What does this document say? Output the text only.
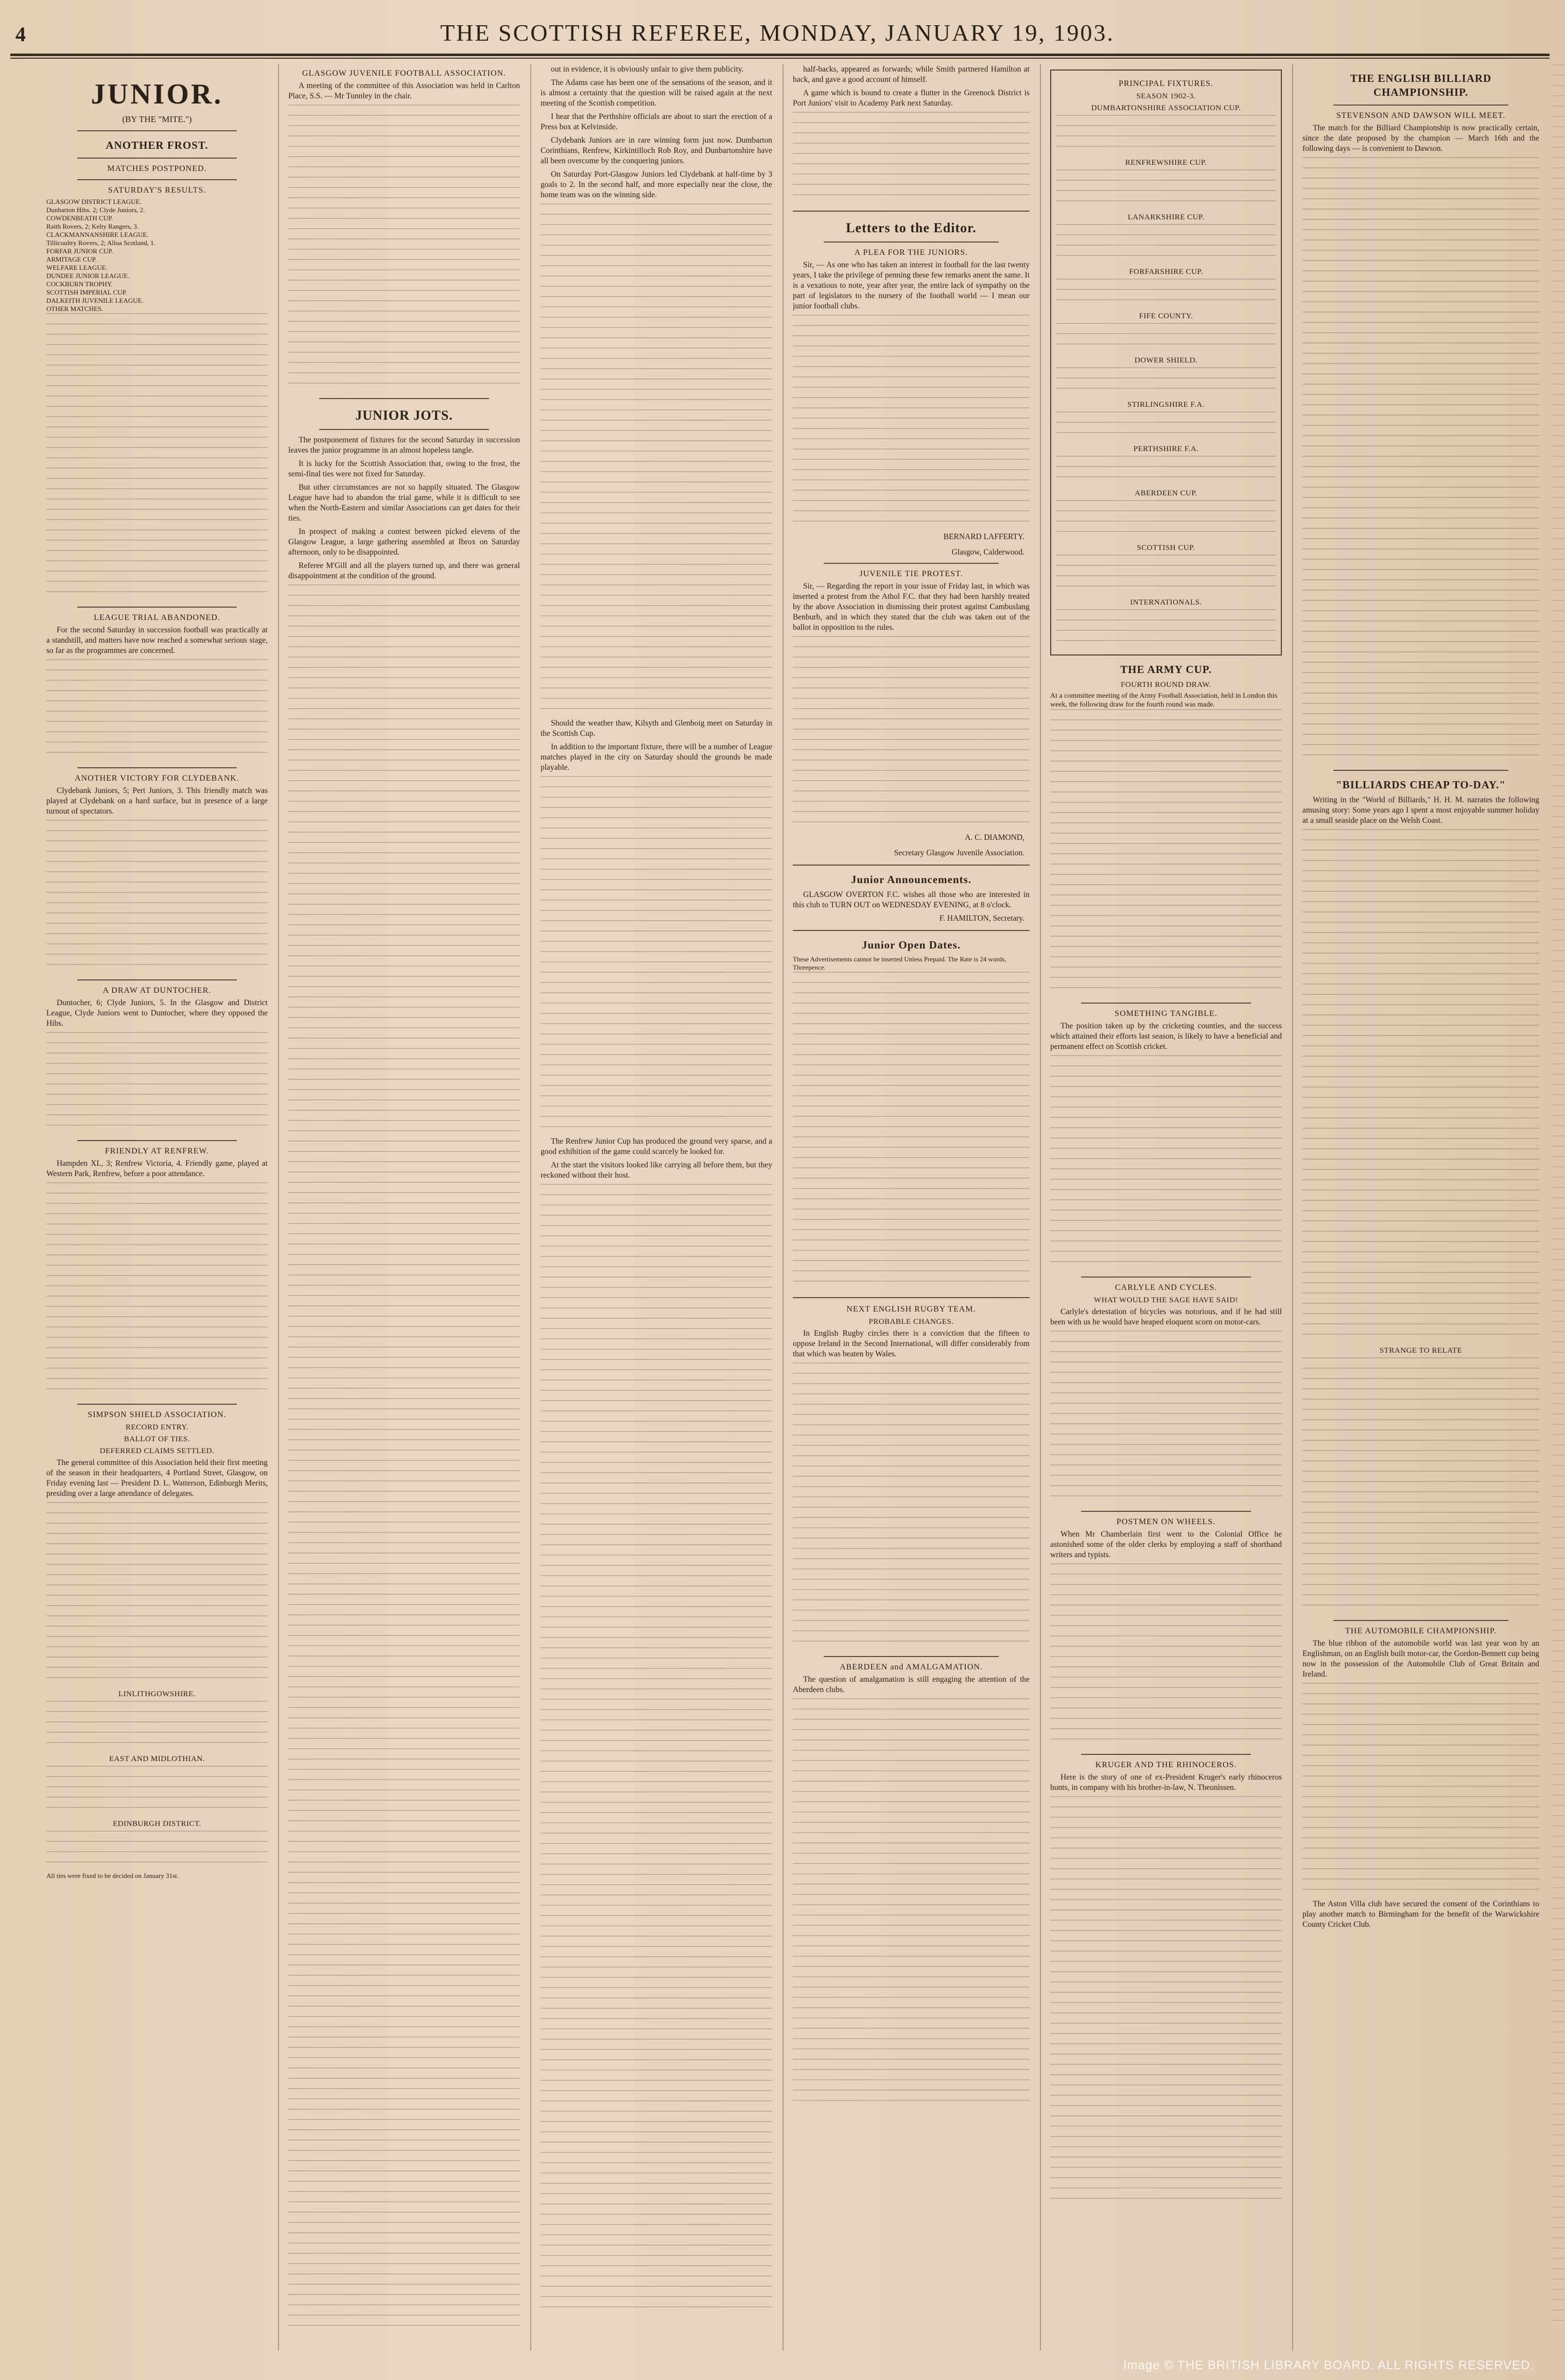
4	THE SCOTTISH REFEREE, MONDAY, JANUARY 19, 1903.

JUNIOR.

(BY THE "MITE.")

ANOTHER FROST.

MATCHES POSTPONED.

SATURDAY'S RESULTS.

GLASGOW DISTRICT LEAGUE.

Dunbarton Hibs. 2; Clyde Juniors, 2.

COWDENBEATH CUP.

Raith Rovers, 2; Kelty Rangers, 3.

CLACKMANNANSHIRE LEAGUE.

Tillicoultry Rovers, 2; Alloa Scotland, 1.

FORFAR JUNIOR CUP.

ARMITAGE CUP.

WELFARE LEAGUE.

DUNDEE JUNIOR LEAGUE.

COCKBURN TROPHY.

SCOTTISH IMPERIAL CUP.

DALKEITH JUVENILE LEAGUE.

OTHER MATCHES.

LEAGUE TRIAL ABANDONED.

For the second Saturday in succession football was practically at a standstill, and matters have now reached a somewhat serious stage, so far as the programmes are concerned.

ANOTHER VICTORY FOR CLYDEBANK.

Clydebank Juniors, 5; Pert Juniors, 3. This friendly match was played at Clydebank on a hard surface, but in presence of a large turnout of spectators.

A DRAW AT DUNTOCHER.

Duntocher, 6; Clyde Juniors, 5. In the Glasgow and District League, Clyde Juniors went to Duntocher, where they opposed the Hibs.

FRIENDLY AT RENFREW.

Hampden XI., 3; Renfrew Victoria, 4. Friendly game, played at Western Park, Renfrew, before a poor attendance.

SIMPSON SHIELD ASSOCIATION.

RECORD ENTRY.

BALLOT OF TIES.

DEFERRED CLAIMS SETTLED.

The general committee of this Association held their first meeting of the season in their headquarters, 4 Portland Street, Glasgow, on Friday evening last — President D. L. Watterson, Edinburgh Merits, presiding over a large attendance of delegates.

LINLITHGOWSHIRE.

EAST AND MIDLOTHIAN.

EDINBURGH DISTRICT.

All ties were fixed to be decided on January 31st.

GLASGOW JUVENILE FOOTBALL ASSOCIATION.

A meeting of the committee of this Association was held in Carlton Place, S.S. — Mr Tunnley in the chair.

JUNIOR JOTS.

The postponement of fixtures for the second Saturday in succession leaves the junior programme in an almost hopeless tangle.

It is lucky for the Scottish Association that, owing to the frost, the semi-final ties were not fixed for Saturday.

But other circumstances are not so happily situated. The Glasgow League have had to abandon the trial game, while it is difficult to see when the North-Eastern and similar Associations can get dates for their ties.

In prospect of making a contest between picked elevens of the Glasgow League, a large gathering assembled at Ibrox on Saturday afternoon, only to be disappointed.

Referee M'Gill and all the players turned up, and there was general disappointment at the condition of the ground.

out in evidence, it is obviously unfair to give them publicity.

The Adams case has been one of the sensations of the season, and it is almost a certainty that the question will be raised again at the next meeting of the Scottish competition.

I hear that the Perthshire officials are about to start the erection of a Press box at Kelvinside.

Clydebank Juniors are in rare winning form just now. Dumbarton Corinthians, Renfrew, Kirkintilloch Rob Roy, and Dunbartonshire have all been overcome by the conquering juniors.

On Saturday Port-Glasgow Juniors led Clydebank at half-time by 3 goals to 2. In the second half, and more especially near the close, the home team was on the winning side.

Should the weather thaw, Kilsyth and Glenboig meet on Saturday in the Scottish Cup.

In addition to the important fixture, there will be a number of League matches played in the city on Saturday should the grounds be made playable.

The Renfrew Junior Cup has produced the ground very sparse, and a good exhibition of the game could scarcely be looked for.

At the start the visitors looked like carrying all before them, but they reckoned without their host.

half-backs, appeared as forwards; while Smith partnered Hamilton at back, and gave a good account of himself.

A game which is bound to create a flutter in the Greenock District is Port Juniors' visit to Academy Park next Saturday.

Letters to the Editor.

A PLEA FOR THE JUNIORS.

Sir, — As one who has taken an interest in football for the last twenty years, I take the privilege of penning these few remarks anent the same. It is a vexatious to note, year after year, the entire lack of sympathy on the part of legislators to the nursery of the football world — I mean our junior football clubs.

BERNARD LAFFERTY.

Glasgow, Calderwood.

JUVENILE TIE PROTEST.

Sir, — Regarding the report in your issue of Friday last, in which was inserted a protest from the Athol F.C. that they had been harshly treated by the above Association in dismissing their protest against Cambuslang Benburb, and in which they stated that the club was taken out of the ballot in opposition to the rules.

A. C. DIAMOND,

Secretary Glasgow Juvenile Association.

Junior Announcements.

GLASGOW OVERTON F.C. wishes all those who are interested in this club to TURN OUT on WEDNESDAY EVENING, at 8 o'clock.

F. HAMILTON, Secretary.

Junior Open Dates.

These Advertisements cannot be inserted Unless Prepaid. The Rate is 24 words, Threepence.

NEXT ENGLISH RUGBY TEAM.

PROBABLE CHANGES.

In English Rugby circles there is a conviction that the fifteen to oppose Ireland in the Second International, will differ considerably from that which was beaten by Wales.

ABERDEEN and AMALGAMATION.

The question of amalgamation is still engaging the attention of the Aberdeen clubs.

PRINCIPAL FIXTURES.

SEASON 1902-3.

DUMBARTONSHIRE ASSOCIATION CUP.

RENFREWSHIRE CUP.

LANARKSHIRE CUP.

FORFARSHIRE CUP.

FIFE COUNTY.

DOWER SHIELD.

STIRLINGSHIRE F.A.

PERTHSHIRE F.A.

ABERDEEN CUP.

SCOTTISH CUP.

INTERNATIONALS.

THE ARMY CUP.

FOURTH ROUND DRAW.

At a committee meeting of the Army Football Association, held in London this week, the following draw for the fourth round was made.

SOMETHING TANGIBLE.

The position taken up by the cricketing counties, and the success which attained their efforts last season, is likely to have a beneficial and permanent effect on Scottish cricket.

CARLYLE AND CYCLES.

WHAT WOULD THE SAGE HAVE SAID!

Carlyle's detestation of bicycles was notorious, and if he had still been with us he would have heaped eloquent scorn on motor-cars.

POSTMEN ON WHEELS.

When Mr Chamberlain first went to the Colonial Office he astonished some of the older clerks by employing a staff of shorthand writers and typists.

KRUGER AND THE RHINOCEROS.

Here is the story of one of ex-President Kruger's early rhinoceros hunts, in company with his brother-in-law, N. Theunissen.

THE ENGLISH BILLIARD CHAMPIONSHIP.

STEVENSON AND DAWSON WILL MEET.

The match for the Billiard Championship is now practically certain, since the date proposed by the champion — March 16th and the following days — is convenient to Dawson.

"BILLIARDS CHEAP TO-DAY."

Writing in the "World of Billiards," H. H. M. narrates the following amusing story: Some years ago I spent a most enjoyable summer holiday at a small seaside place on the Welsh Coast.

STRANGE TO RELATE

THE AUTOMOBILE CHAMPIONSHIP.

The blue ribbon of the automobile world was last year won by an Englishman, on an English built motor-car, the Gordon-Bennett cup being now in the possession of the Automobile Club of Great Britain and Ireland.

The Aston Villa club have secured the consent of the Corinthians to play another match to Birmingham for the benefit of the Warwickshire County Cricket Club.

Image © THE BRITISH LIBRARY BOARD. ALL RIGHTS RESERVED.
